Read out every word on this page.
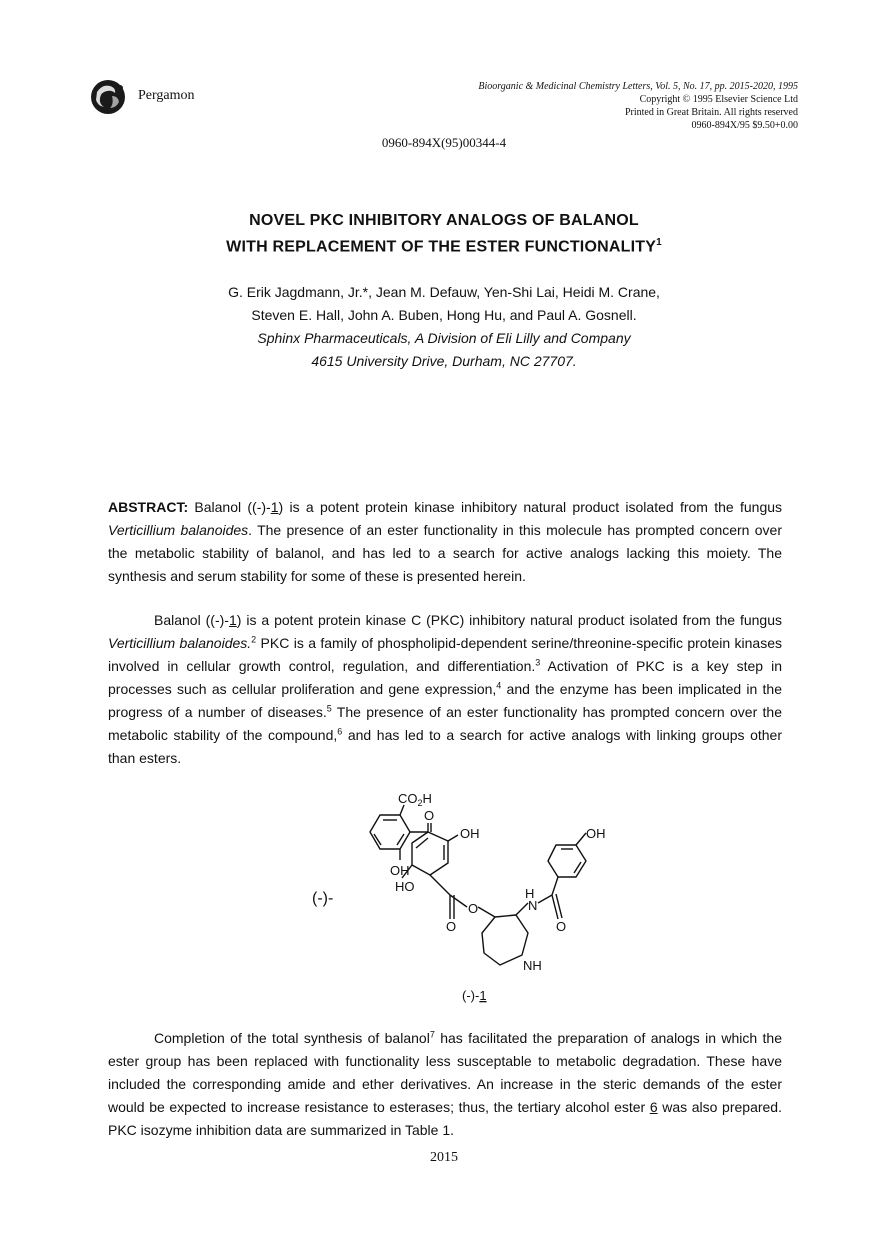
Pergamon
Bioorganic & Medicinal Chemistry Letters, Vol. 5, No. 17, pp. 2015-2020, 1995
Copyright © 1995 Elsevier Science Ltd
Printed in Great Britain. All rights reserved
0960-894X/95 $9.50+0.00
0960-894X(95)00344-4
NOVEL PKC INHIBITORY ANALOGS OF BALANOL
WITH REPLACEMENT OF THE ESTER FUNCTIONALITY$^1$
G. Erik Jagdmann, Jr.*, Jean M. Defauw, Yen-Shi Lai, Heidi M. Crane,
Steven E. Hall, John A. Buben, Hong Hu, and Paul A. Gosnell.
Sphinx Pharmaceuticals, A Division of Eli Lilly and Company
4615 University Drive, Durham, NC 27707.
ABSTRACT: Balanol ((-)-1) is a potent protein kinase inhibitory natural product isolated from the fungus Verticillium balanoides. The presence of an ester functionality in this molecule has prompted concern over the metabolic stability of balanol, and has led to a search for active analogs lacking this moiety. The synthesis and serum stability for some of these is presented herein.
Balanol ((-)-1) is a potent protein kinase C (PKC) inhibitory natural product isolated from the fungus Verticillium balanoides.$^2$ PKC is a family of phospholipid-dependent serine/threonine-specific protein kinases involved in cellular growth control, regulation, and differentiation.$^3$ Activation of PKC is a key step in processes such as cellular proliferation and gene expression,$^4$ and the enzyme has been implicated in the progress of a number of diseases.$^5$ The presence of an ester functionality has prompted concern over the metabolic stability of the compound,$^6$ and has led to a search for active analogs with linking groups other than esters.
$CO_2H$
O
OH
OH
HO
O
O
H
N
O
OH
NH
(-)-
(-)-1
Completion of the total synthesis of balanol$^7$ has facilitated the preparation of analogs in which the ester group has been replaced with functionality less susceptable to metabolic degradation. These have included the corresponding amide and ether derivatives. An increase in the steric demands of the ester would be expected to increase resistance to esterases; thus, the tertiary alcohol ester 6 was also prepared. PKC isozyme inhibition data are summarized in Table 1.
2015
